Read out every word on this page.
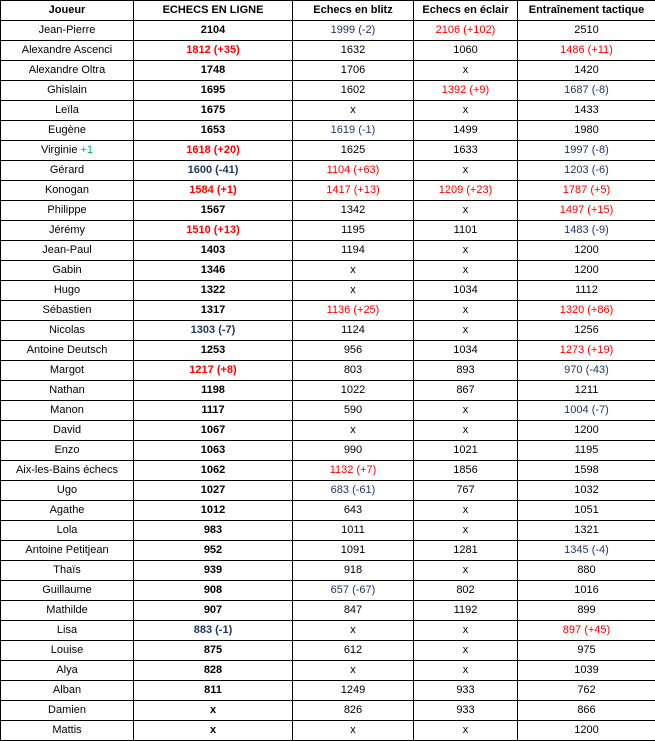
Joueur	ECHECS EN LIGNE	Echecs en blitz	Echecs en éclair	Entraînement tactique
Jean-Pierre	2104	1999 (-2)	2106 (+102)	2510
Alexandre Ascenci	1812 (+35)	1632	1060	1486 (+11)
Alexandre Oltra	1748	1706	x	1420
Ghislain	1695	1602	1392 (+9)	1687 (-8)
Leïla	1675	x	x	1433
Eugène	1653	1619 (-1)	1499	1980
Virginie +1	1618 (+20)	1625	1633	1997 (-8)
Gérard	1600 (-41)	1104 (+63)	x	1203 (-6)
Konogan	1584 (+1)	1417 (+13)	1209 (+23)	1787 (+5)
Philippe	1567	1342	x	1497 (+15)
Jérémy	1510 (+13)	1195	1101	1483 (-9)
Jean-Paul	1403	1194	x	1200
Gabin	1346	x	x	1200
Hugo	1322	x	1034	1112
Sébastien	1317	1136 (+25)	x	1320 (+86)
Nicolas	1303 (-7)	1124	x	1256
Antoine Deutsch	1253	956	1034	1273 (+19)
Margot	1217 (+8)	803	893	970 (-43)
Nathan	1198	1022	867	1211
Manon	1117	590	x	1004 (-7)
David	1067	x	x	1200
Enzo	1063	990	1021	1195
Aix-les-Bains échecs	1062	1132 (+7)	1856	1598
Ugo	1027	683 (-61)	767	1032
Agathe	1012	643	x	1051
Lola	983	1011	x	1321
Antoine Petitjean	952	1091	1281	1345 (-4)
Thaïs	939	918	x	880
Guillaume	908	657 (-67)	802	1016
Mathilde	907	847	1192	899
Lisa	883 (-1)	x	x	897 (+45)
Louise	875	612	x	975
Alya	828	x	x	1039
Alban	811	1249	933	762
Damien	x	826	933	866
Mattis	x	x	x	1200
